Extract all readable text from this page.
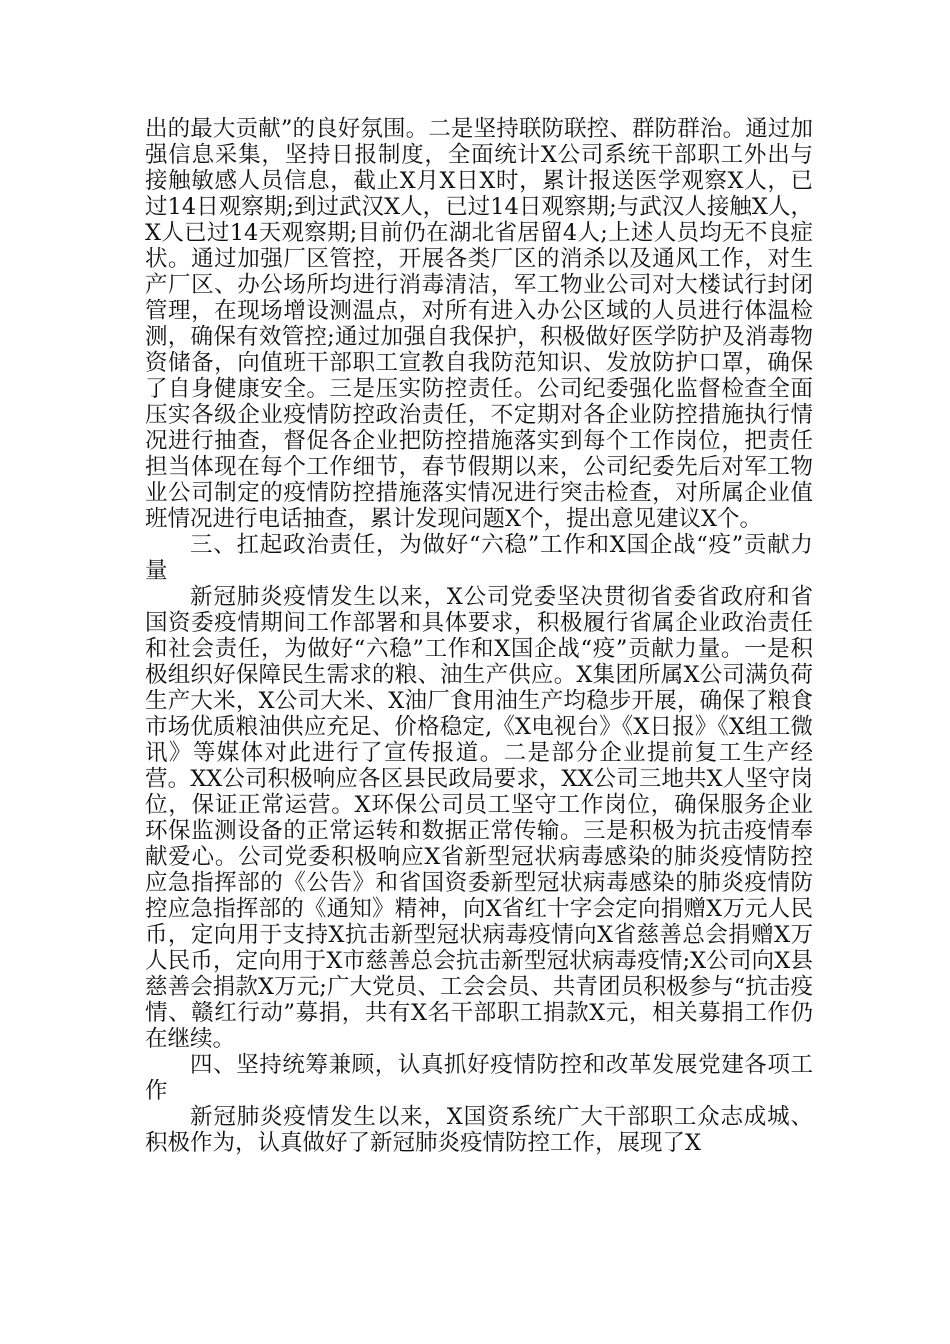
出的最大贡献”的良好氛围。二是坚持联防联控、群防群治。通过加强信息采集，坚持日报制度，全面统计X公司系统干部职工外出与接触敏感人员信息，截止X月X日X时，累计报送医学观察X人，已过14日观察期;到过武汉X人，已过14日观察期;与武汉人接触X人，X人已过14天观察期;目前仍在湖北省居留4人;上述人员均无不良症状。通过加强厂区管控，开展各类厂区的消杀以及通风工作，对生产厂区、办公场所均进行消毒清洁，军工物业公司对大楼试行封闭管理，在现场增设测温点，对所有进入办公区域的人员进行体温检测，确保有效管控;通过加强自我保护，积极做好医学防护及消毒物资储备，向值班干部职工宣教自我防范知识、发放防护口罩，确保了自身健康安全。三是压实防控责任。公司纪委强化监督检查全面压实各级企业疫情防控政治责任，不定期对各企业防控措施执行情况进行抽查，督促各企业把防控措施落实到每个工作岗位，把责任担当体现在每个工作细节，春节假期以来，公司纪委先后对军工物业公司制定的疫情防控措施落实情况进行突击检查，对所属企业值班情况进行电话抽查，累计发现问题X个，提出意见建议X个。

三、扛起政治责任，为做好“六稳”工作和X国企战“疫”贡献力量

新冠肺炎疫情发生以来，X公司党委坚决贯彻省委省政府和省国资委疫情期间工作部署和具体要求，积极履行省属企业政治责任和社会责任，为做好“六稳”工作和X国企战“疫”贡献力量。一是积极组织好保障民生需求的粮、油生产供应。X集团所属X公司满负荷生产大米，X公司大米、X油厂食用油生产均稳步开展，确保了粮食市场优质粮油供应充足、价格稳定,《X电视台》《X日报》《X组工微讯》等媒体对此进行了宣传报道。二是部分企业提前复工生产经营。XX公司积极响应各区县民政局要求，XX公司三地共X人坚守岗位，保证正常运营。X环保公司员工坚守工作岗位，确保服务企业环保监测设备的正常运转和数据正常传输。三是积极为抗击疫情奉献爱心。公司党委积极响应X省新型冠状病毒感染的肺炎疫情防控应急指挥部的《公告》和省国资委新型冠状病毒感染的肺炎疫情防控应急指挥部的《通知》精神，向X省红十字会定向捐赠X万元人民币，定向用于支持X抗击新型冠状病毒疫情向X省慈善总会捐赠X万人民币，定向用于X市慈善总会抗击新型冠状病毒疫情;X公司向X县慈善会捐款X万元;广大党员、工会会员、共青团员积极参与“抗击疫情、赣红行动”募捐，共有X名干部职工捐款X元，相关募捐工作仍在继续。

四、坚持统筹兼顾，认真抓好疫情防控和改革发展党建各项工作

新冠肺炎疫情发生以来，X国资系统广大干部职工众志成城、积极作为，认真做好了新冠肺炎疫情防控工作，展现了X
